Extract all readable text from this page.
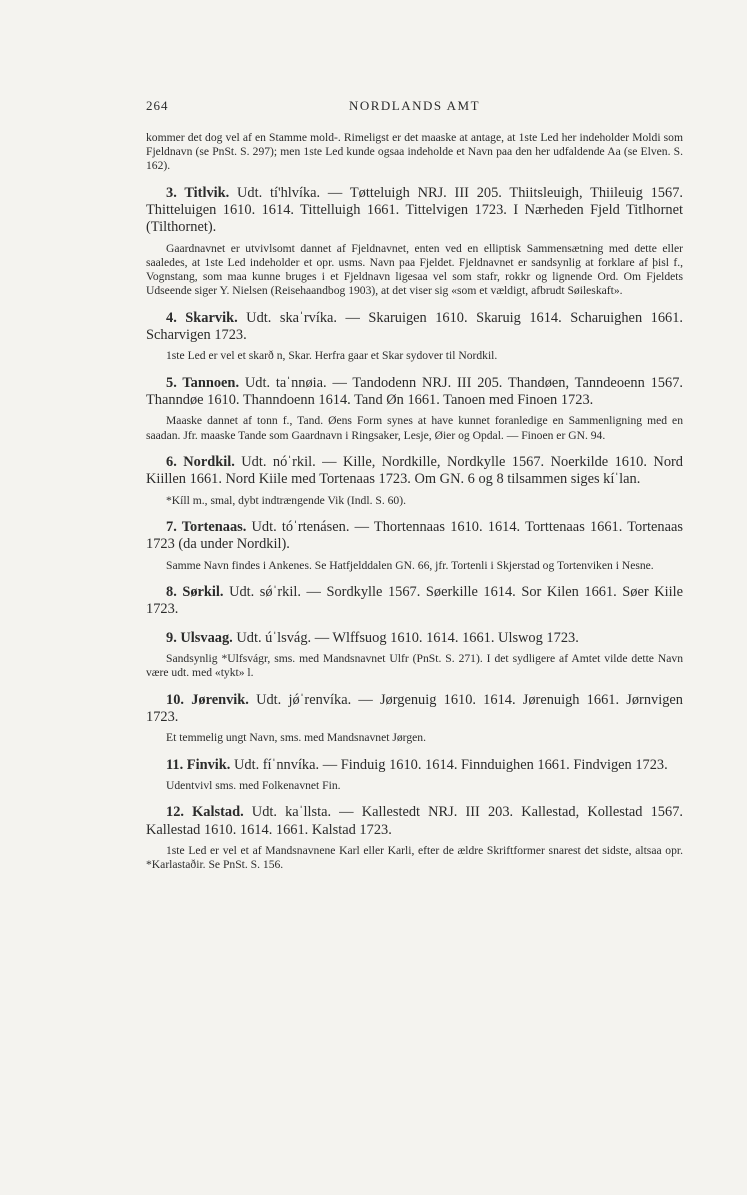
264	NORDLANDS AMT

kommer det dog vel af en Stamme mold-. Rimeligst er det maaske at antage, at 1ste Led her indeholder Moldi som Fjeldnavn (se PnSt. S. 297); men 1ste Led kunde ogsaa indeholde et Navn paa den her udfaldende Aa (se Elven. S. 162).

3. Titlvik. Udt. tí'hlvíka. — Tøtteluigh NRJ. III 205. Thiitsleuigh, Thiileuig 1567. Thitteluigen 1610. 1614. Tittelluigh 1661. Tittelvigen 1723. I Nærheden Fjeld Titlhornet (Tilthornet).

Gaardnavnet er utvivlsomt dannet af Fjeldnavnet, enten ved en elliptisk Sammensætning med dette eller saaledes, at 1ste Led indeholder et opr. usms. Navn paa Fjeldet. Fjeldnavnet er sandsynlig at forklare af þisl f., Vognstang, som maa kunne bruges i et Fjeldnavn ligesaa vel som stafr, rokkr og lignende Ord. Om Fjeldets Udseende siger Y. Nielsen (Reisehaandbog 1903), at det viser sig «som et vældigt, afbrudt Søileskaft».

4. Skarvik. Udt. skaˈrvíka. — Skaruigen 1610. Skaruig 1614. Scharuighen 1661. Scharvigen 1723.

1ste Led er vel et skarð n, Skar. Herfra gaar et Skar sydover til Nordkil.

5. Tannoen. Udt. taˈnnøia. — Tandodenn NRJ. III 205. Thandøen, Tanndeoenn 1567. Thanndøe 1610. Thanndoenn 1614. Tand Øn 1661. Tanoen med Finoen 1723.

Maaske dannet af tonn f., Tand. Øens Form synes at have kunnet foranledige en Sammenligning med en saadan. Jfr. maaske Tande som Gaardnavn i Ringsaker, Lesje, Øier og Opdal. — Finoen er GN. 94.

6. Nordkil. Udt. nóˈrkil. — Kille, Nordkille, Nordkylle 1567. Noerkilde 1610. Nord Kiillen 1661. Nord Kiile med Tortenaas 1723. Om GN. 6 og 8 tilsammen siges kíˈlan.

*Kíll m., smal, dybt indtrængende Vik (Indl. S. 60).

7. Tortenaas. Udt. tóˈrtenásen. — Thortennaas 1610. 1614. Torttenaas 1661. Tortenaas 1723 (da under Nordkil).

Samme Navn findes i Ankenes. Se Hatfjelddalen GN. 66, jfr. Tortenli i Skjerstad og Tortenviken i Nesne.

8. Sørkil. Udt. sǿˈrkil. — Sordkylle 1567. Søerkille 1614. Sor Kilen 1661. Søer Kiile 1723.

9. Ulsvaag. Udt. úˈlsvág. — Wlffsuog 1610. 1614. 1661. Ulswog 1723.

Sandsynlig *Ulfsvágr, sms. med Mandsnavnet Ulfr (PnSt. S. 271). I det sydligere af Amtet vilde dette Navn være udt. med «tykt» l.

10. Jørenvik. Udt. jǿˈrenvíka. — Jørgenuig 1610. 1614. Jørenuigh 1661. Jørnvigen 1723.

Et temmelig ungt Navn, sms. med Mandsnavnet Jørgen.

11. Finvik. Udt. fíˈnnvíka. — Finduig 1610. 1614. Finnduighen 1661. Findvigen 1723.

Udentvivl sms. med Folkenavnet Fin.

12. Kalstad. Udt. kaˈllsta. — Kallestedt NRJ. III 203. Kallestad, Kollestad 1567. Kallestad 1610. 1614. 1661. Kalstad 1723.

1ste Led er vel et af Mandsnavnene Karl eller Karli, efter de ældre Skriftformer snarest det sidste, altsaa opr. *Karlastaðir. Se PnSt. S. 156.
